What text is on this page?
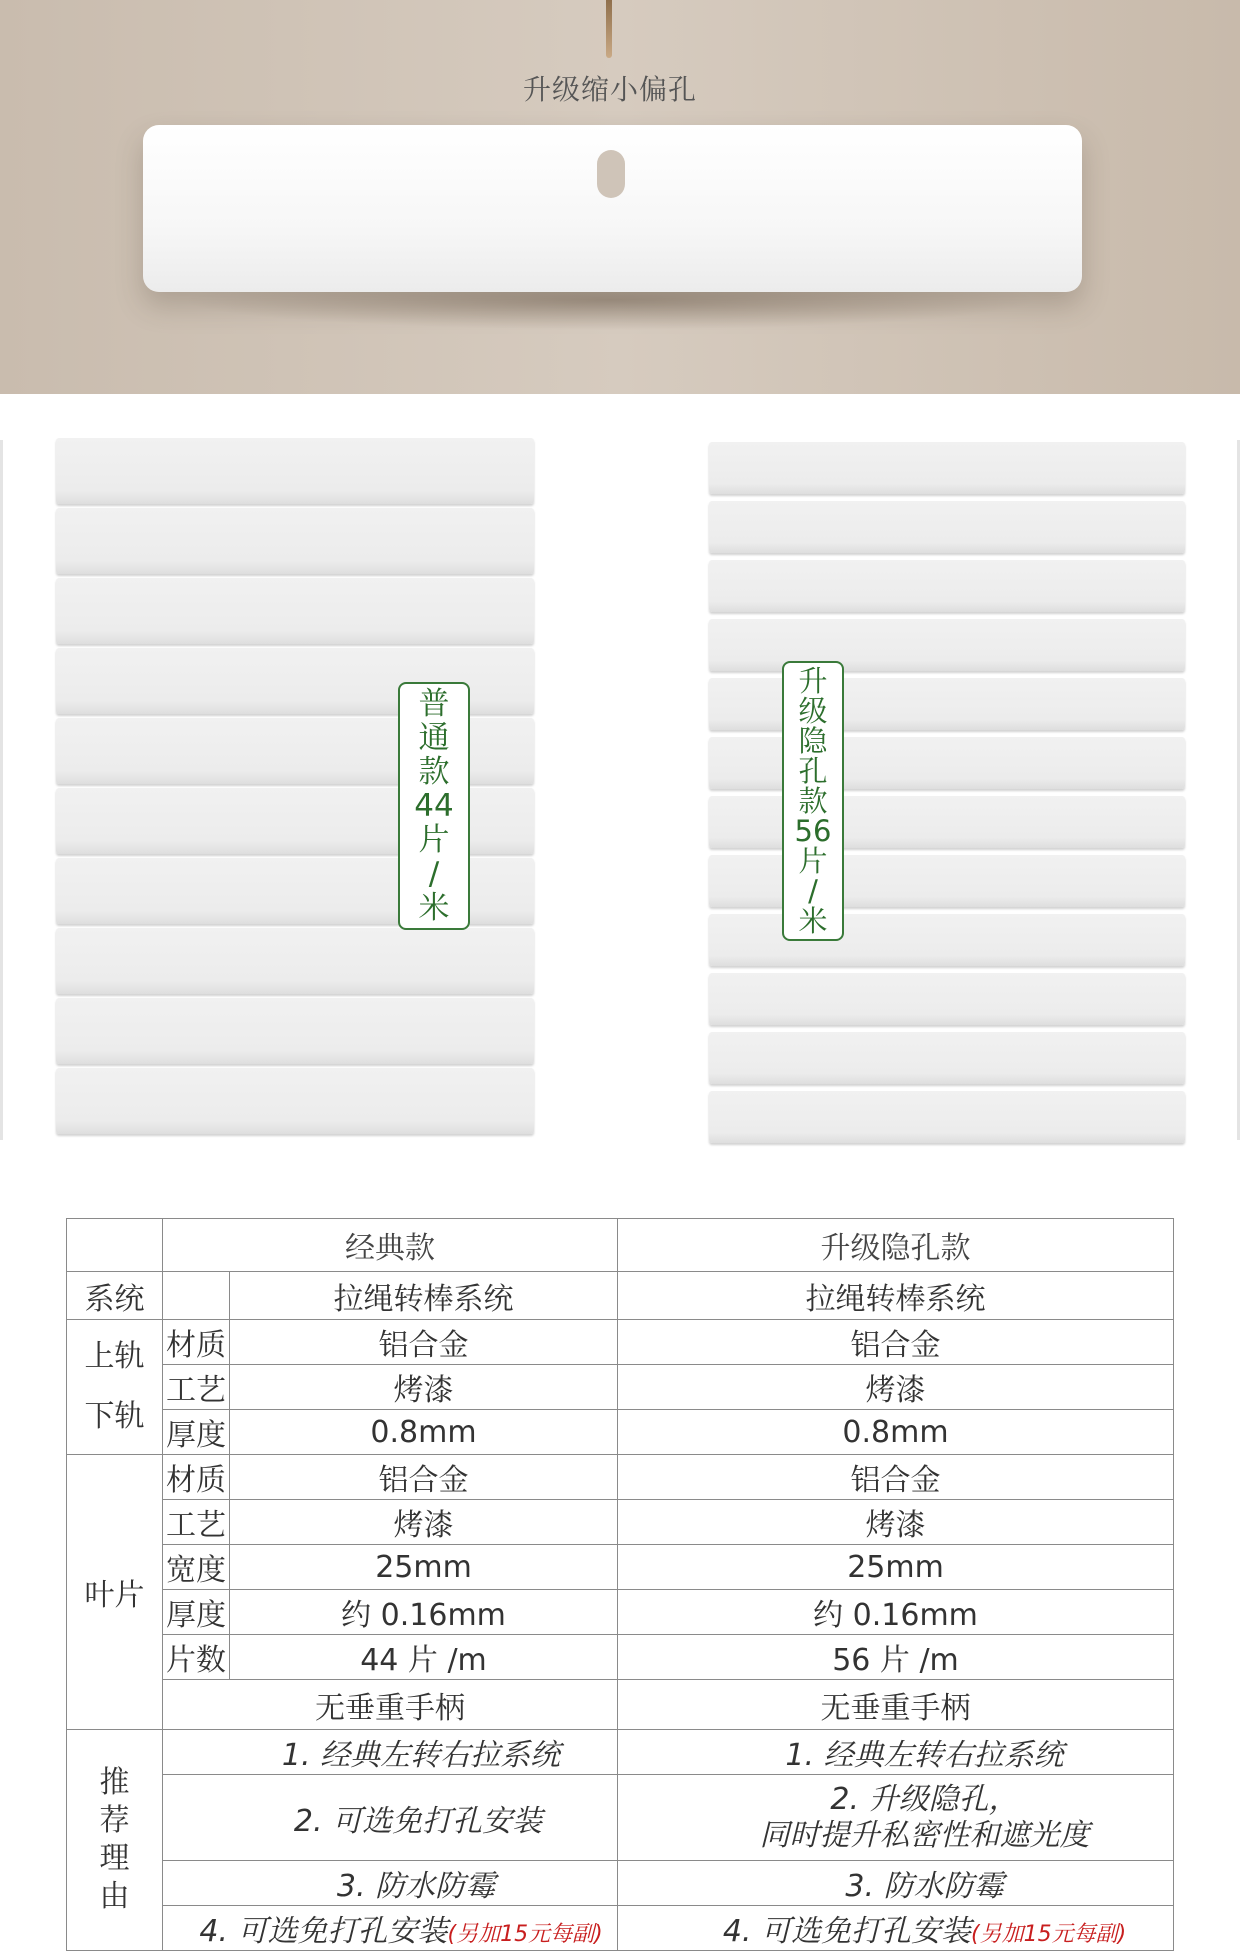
升级缩小偏孔
普
通
款
44
片
/
米
升
级
隐
孔
款
56
片
/
米
	经典款		升级隐孔款
系统		拉绳转棒系统	拉绳转棒系统

上轨
下轨	材质	铝合金	铝合金
	工艺	烤漆	烤漆
	厚度	0.8mm	0.8mm
叶片	材质	铝合金	铝合金
	工艺	烤漆	烤漆
	宽度	25mm	25mm
	厚度	约 0.16mm	约 0.16mm
	片数	44 片 /m	56 片 /m
	无垂重手柄		无垂重手柄

推
荐
理
由	1. 经典左转右拉系统		1. 经典左转右拉系统
	2. 可选免打孔安装		2. 升级隐孔，
同时提升私密性和遮光度

	3. 防水防霉		3. 防水防霉
	4. 可选免打孔安装(另加15元每副)		4. 可选免打孔安装(另加15元每副)
